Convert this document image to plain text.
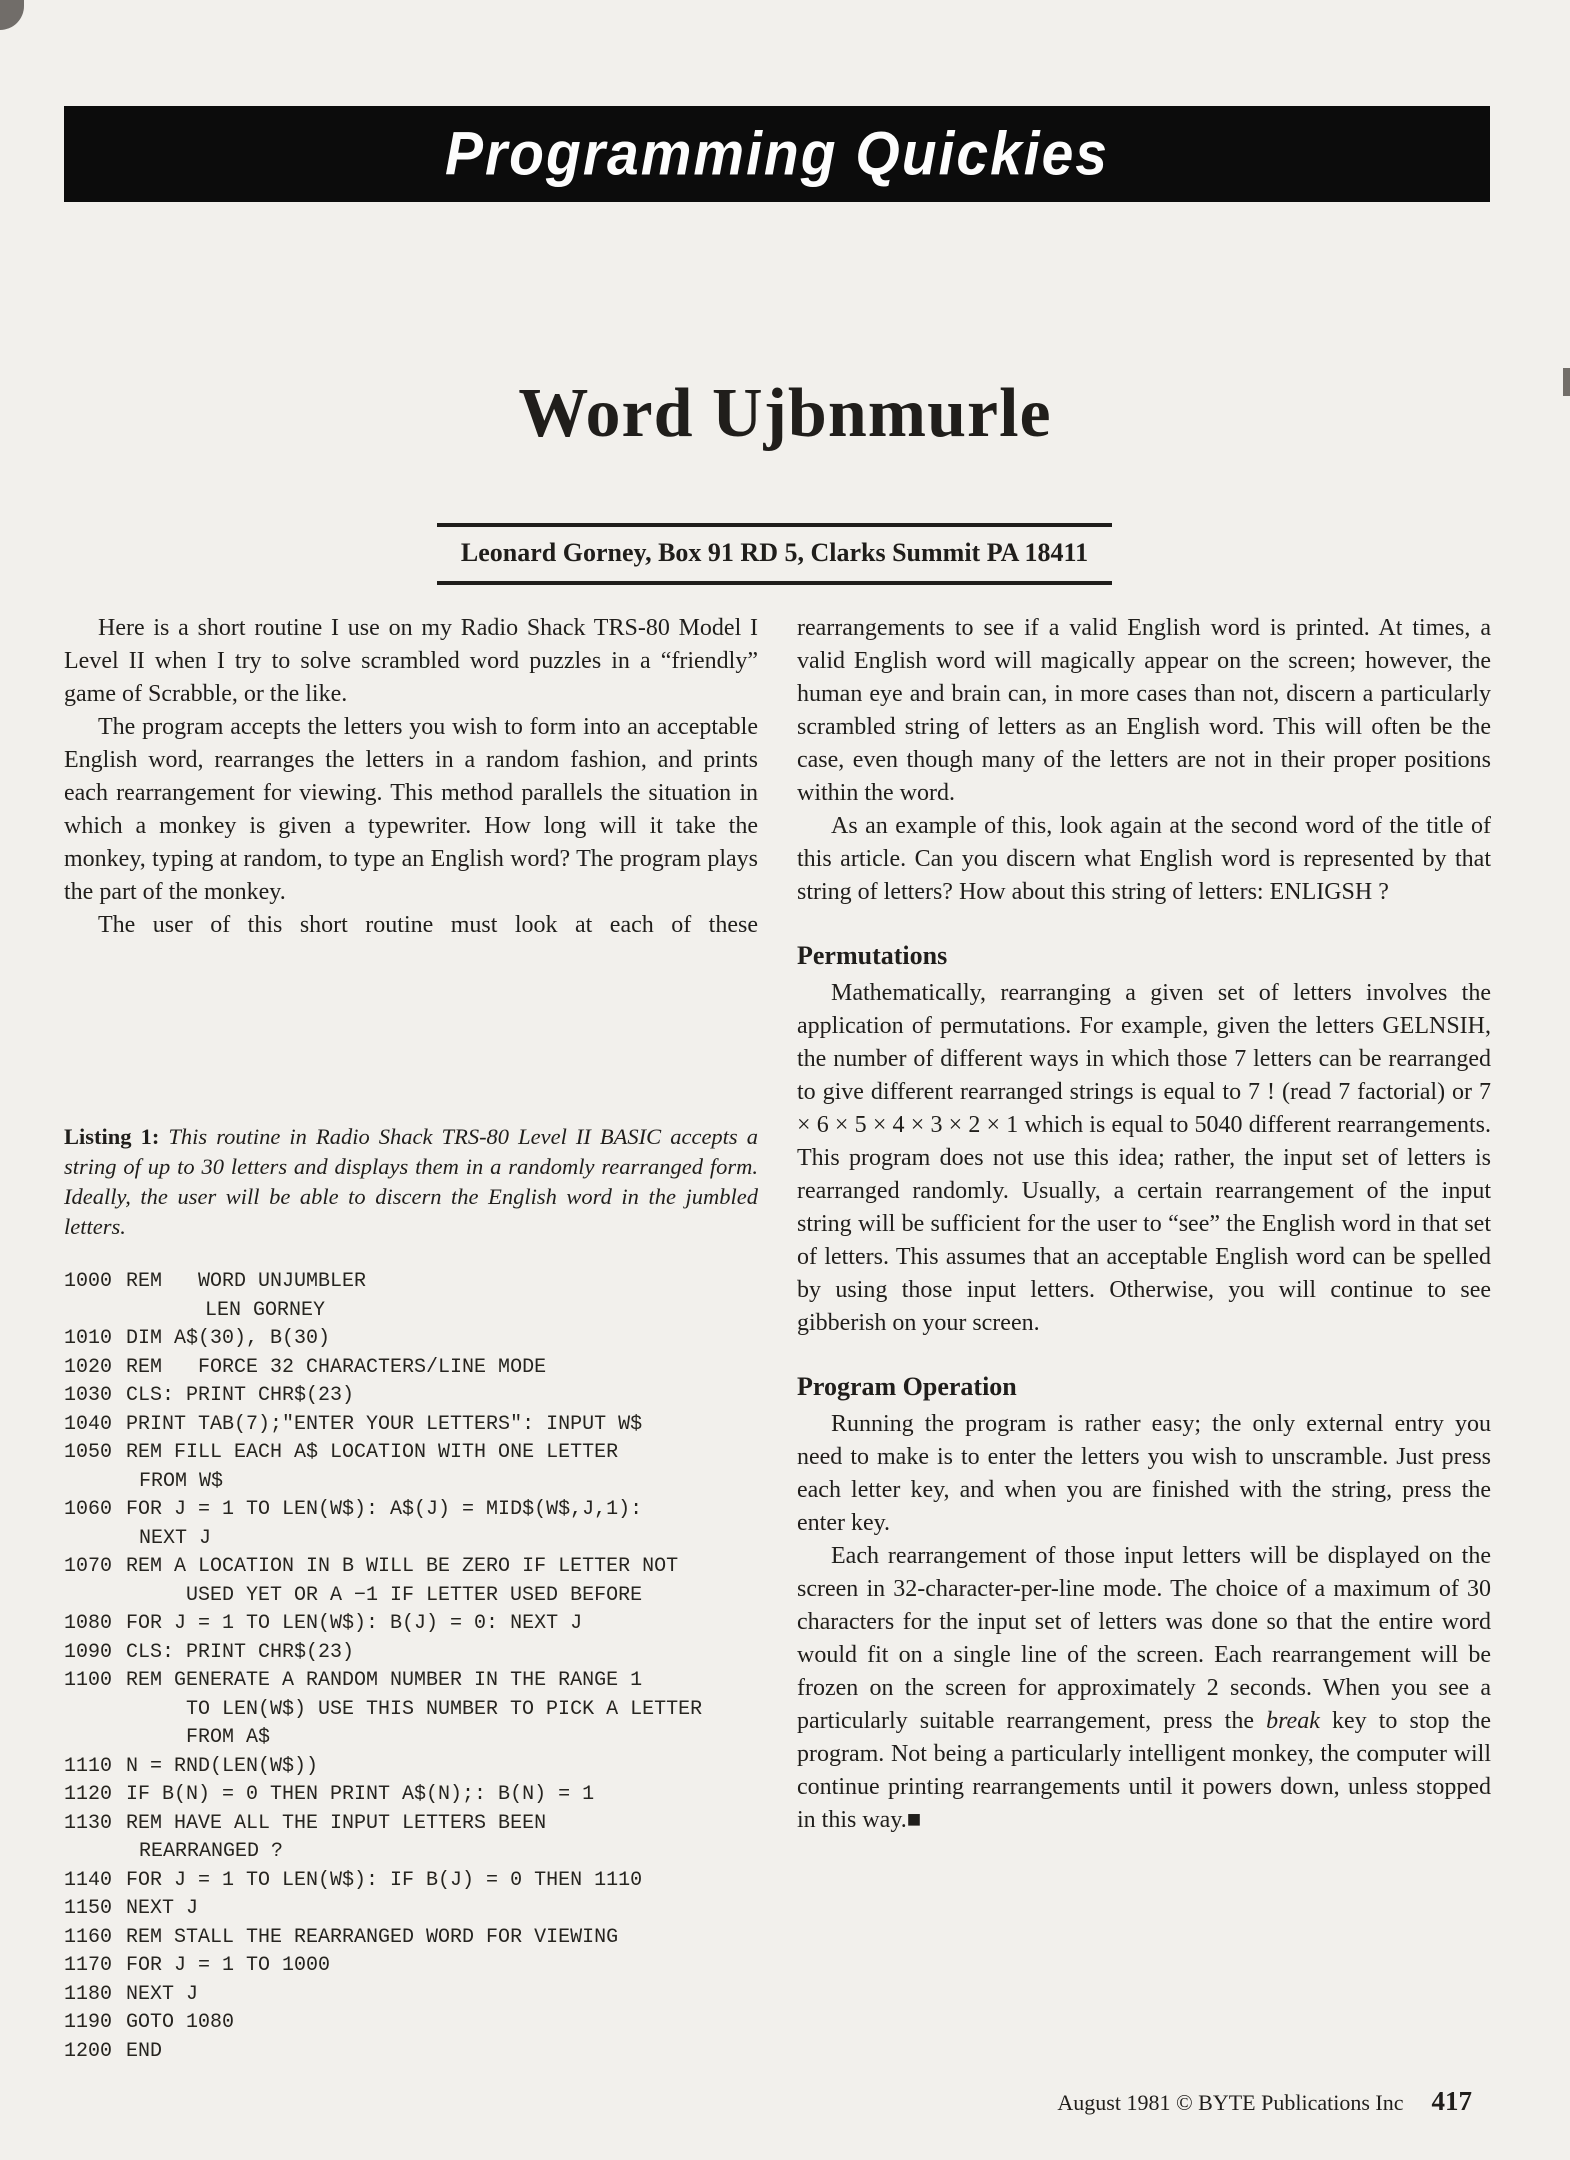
Programming Quickies
Word Ujbnmurle
Leonard Gorney, Box 91 RD 5, Clarks Summit PA 18411

Here is a short routine I use on my Radio Shack TRS-80 Model I Level II when I try to solve scrambled word puzzles in a “friendly” game of Scrabble, or the like.

The program accepts the letters you wish to form into an acceptable English word, rearranges the letters in a random fashion, and prints each rearrangement for viewing. This method parallels the situation in which a monkey is given a typewriter. How long will it take the monkey, typing at random, to type an English word? The program plays the part of the monkey.

The user of this short routine must look at each of these

Listing 1: This routine in Radio Shack TRS-80 Level II BASIC accepts a string of up to 30 letters and displays them in a randomly rearranged form. Ideally, the user will be able to discern the English word in the jumbled letters.
1000 REM   WORD UNJUMBLER
LEN GORNEY
1010 DIM A$(30), B(30)
1020 REM   FORCE 32 CHARACTERS/LINE MODE
1030 CLS: PRINT CHR$(23)
1040 PRINT TAB(7);"ENTER YOUR LETTERS": INPUT W$
1050 REM FILL EACH A$ LOCATION WITH ONE LETTER
FROM W$
1060 FOR J = 1 TO LEN(W$): A$(J) = MID$(W$,J,1):
NEXT J
1070 REM A LOCATION IN B WILL BE ZERO IF LETTER NOT
USED YET OR A −1 IF LETTER USED BEFORE
1080 FOR J = 1 TO LEN(W$): B(J) = 0: NEXT J
1090 CLS: PRINT CHR$(23)
1100 REM GENERATE A RANDOM NUMBER IN THE RANGE 1
TO LEN(W$) USE THIS NUMBER TO PICK A LETTER
FROM A$
1110 N = RND(LEN(W$))
1120 IF B(N) = 0 THEN PRINT A$(N);: B(N) = 1
1130 REM HAVE ALL THE INPUT LETTERS BEEN
REARRANGED ?
1140 FOR J = 1 TO LEN(W$): IF B(J) = 0 THEN 1110
1150 NEXT J
1160 REM STALL THE REARRANGED WORD FOR VIEWING
1170 FOR J = 1 TO 1000
1180 NEXT J
1190 GOTO 1080
1200 END

rearrangements to see if a valid English word is printed. At times, a valid English word will magically appear on the screen; however, the human eye and brain can, in more cases than not, discern a particularly scrambled string of letters as an English word. This will often be the case, even though many of the letters are not in their proper positions within the word.

As an example of this, look again at the second word of the title of this article. Can you discern what English word is represented by that string of letters? How about this string of letters: ENLIGSH ?

Permutations

Mathematically, rearranging a given set of letters involves the application of permutations. For example, given the letters GELNSIH, the number of different ways in which those 7 letters can be rearranged to give different rearranged strings is equal to 7 ! (read 7 factorial) or 7 × 6 × 5 × 4 × 3 × 2 × 1 which is equal to 5040 different rearrangements. This program does not use this idea; rather, the input set of letters is rearranged randomly. Usually, a certain rearrangement of the input string will be sufficient for the user to “see” the English word in that set of letters. This assumes that an acceptable English word can be spelled by using those input letters. Otherwise, you will continue to see gibberish on your screen.

Program Operation

Running the program is rather easy; the only external entry you need to make is to enter the letters you wish to unscramble. Just press each letter key, and when you are finished with the string, press the enter key.

Each rearrangement of those input letters will be displayed on the screen in 32-character-per-line mode. The choice of a maximum of 30 characters for the input set of letters was done so that the entire word would fit on a single line of the screen. Each rearrangement will be frozen on the screen for approximately 2 seconds. When you see a particularly suitable rearrangement, press the break key to stop the program. Not being a particularly intelligent monkey, the computer will continue printing rearrangements until it powers down, unless stopped in this way.■

August 1981 © BYTE Publications Inc 417
